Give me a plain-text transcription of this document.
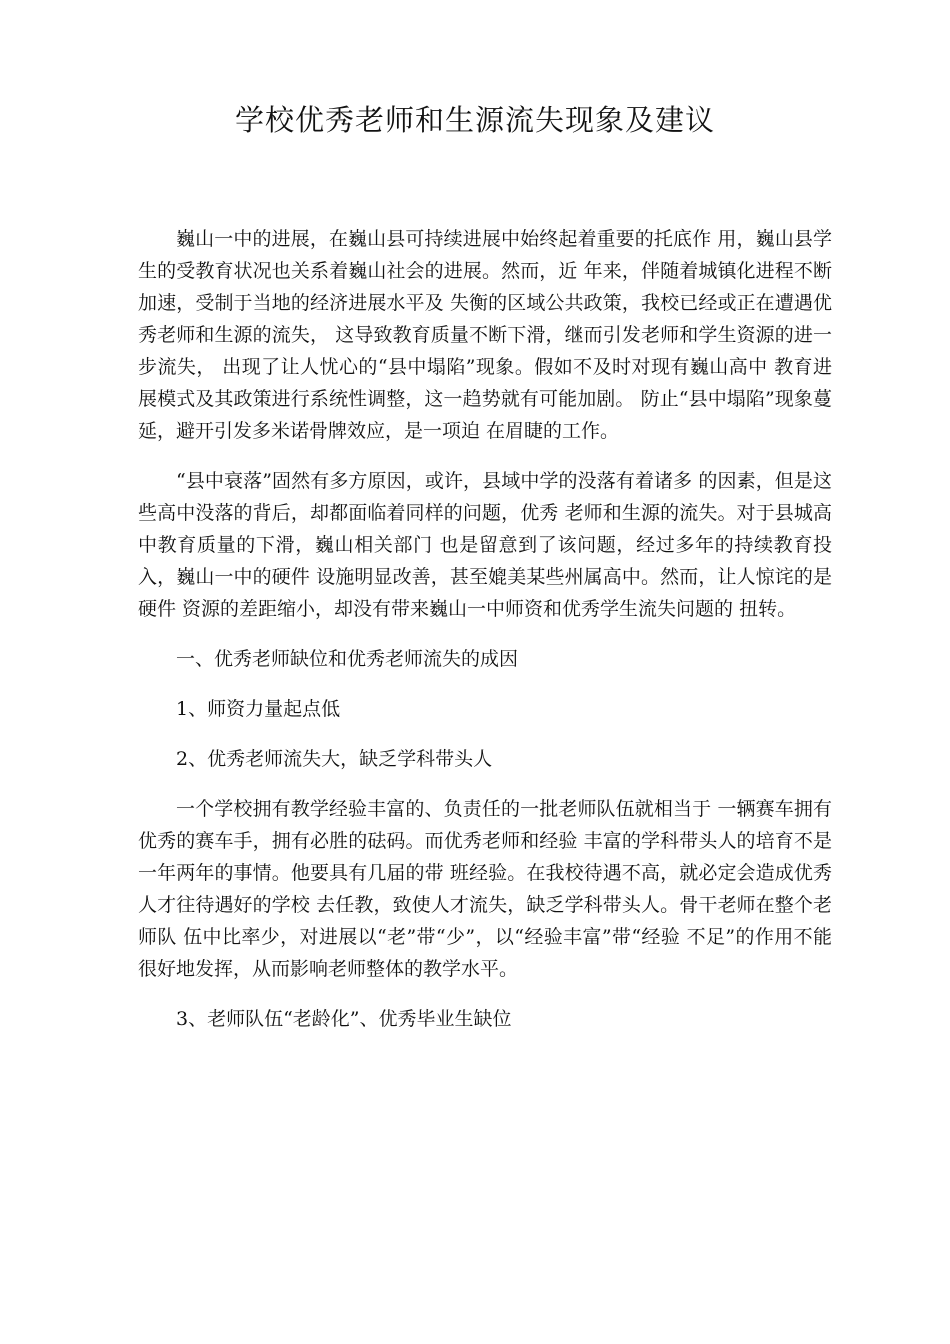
学校优秀老师和生源流失现象及建议

巍山一中的进展，在巍山县可持续进展中始终起着重要的托底作 用，巍山县学生的受教育状况也关系着巍山社会的进展。然而，近 年来，伴随着城镇化进程不断加速，受制于当地的经济进展水平及 失衡的区域公共政策，我校已经或正在遭遇优秀老师和生源的流失， 这导致教育质量不断下滑，继而引发老师和学生资源的进一步流失， 出现了让人忧心的“县中塌陷”现象。假如不及时对现有巍山高中 教育进展模式及其政策进行系统性调整，这一趋势就有可能加剧。 防止“县中塌陷”现象蔓延，避开引发多米诺骨牌效应，是一项迫 在眉睫的工作。

“县中衰落”固然有多方原因，或许，县域中学的没落有着诸多 的因素，但是这些高中没落的背后，却都面临着同样的问题，优秀 老师和生源的流失。对于县城高中教育质量的下滑，巍山相关部门 也是留意到了该问题，经过多年的持续教育投入，巍山一中的硬件 设施明显改善，甚至媲美某些州属高中。然而，让人惊诧的是硬件 资源的差距缩小，却没有带来巍山一中师资和优秀学生流失问题的 扭转。

一、优秀老师缺位和优秀老师流失的成因

1、师资力量起点低

2、优秀老师流失大，缺乏学科带头人

一个学校拥有教学经验丰富的、负责任的一批老师队伍就相当于 一辆赛车拥有优秀的赛车手，拥有必胜的砝码。而优秀老师和经验 丰富的学科带头人的培育不是一年两年的事情。他要具有几届的带 班经验。在我校待遇不高，就必定会造成优秀人才往待遇好的学校 去任教，致使人才流失，缺乏学科带头人。骨干老师在整个老师队 伍中比率少，对进展以“老”带“少”，以“经验丰富”带“经验 不足”的作用不能很好地发挥，从而影响老师整体的教学水平。

3、老师队伍“老龄化”、优秀毕业生缺位
